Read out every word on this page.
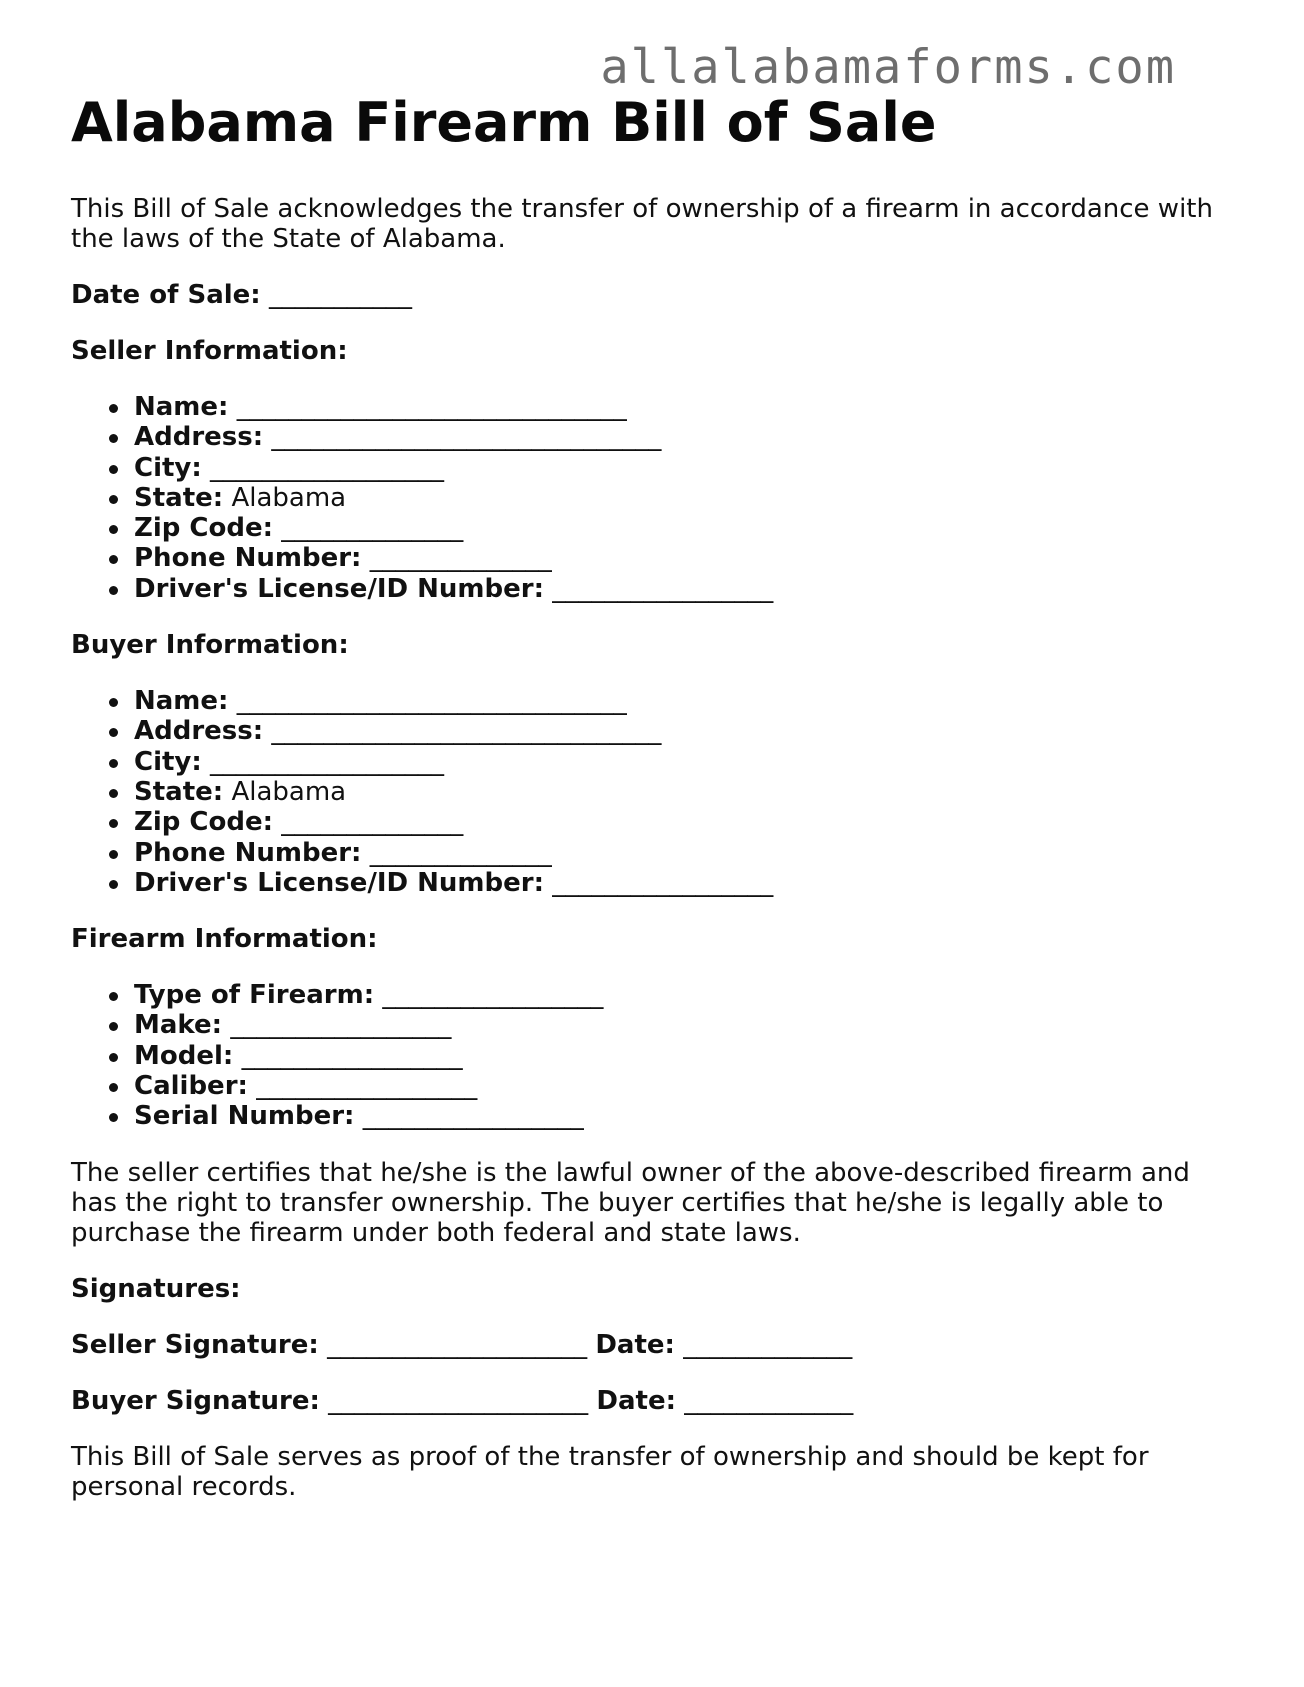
allalabamaforms.com
Alabama Firearm Bill of Sale

This Bill of Sale acknowledges the transfer of ownership of a firearm in accordance with the laws of the State of Alabama.

Date of Sale: ___________

Seller Information:

Name: ______________________________
Address: ______________________________
City: __________________
State: Alabama
Zip Code: ______________
Phone Number: ______________
Driver's License/ID Number: _________________

Buyer Information:

Name: ______________________________
Address: ______________________________
City: __________________
State: Alabama
Zip Code: ______________
Phone Number: ______________
Driver's License/ID Number: _________________

Firearm Information:

Type of Firearm: _________________
Make: _________________
Model: _________________
Caliber: _________________
Serial Number: _________________

The seller certifies that he/she is the lawful owner of the above-described firearm and has the right to transfer ownership. The buyer certifies that he/she is legally able to purchase the firearm under both federal and state laws.

Signatures:

Seller Signature: ____________________ Date: _____________

Buyer Signature: ____________________ Date: _____________

This Bill of Sale serves as proof of the transfer of ownership and should be kept for personal records.
